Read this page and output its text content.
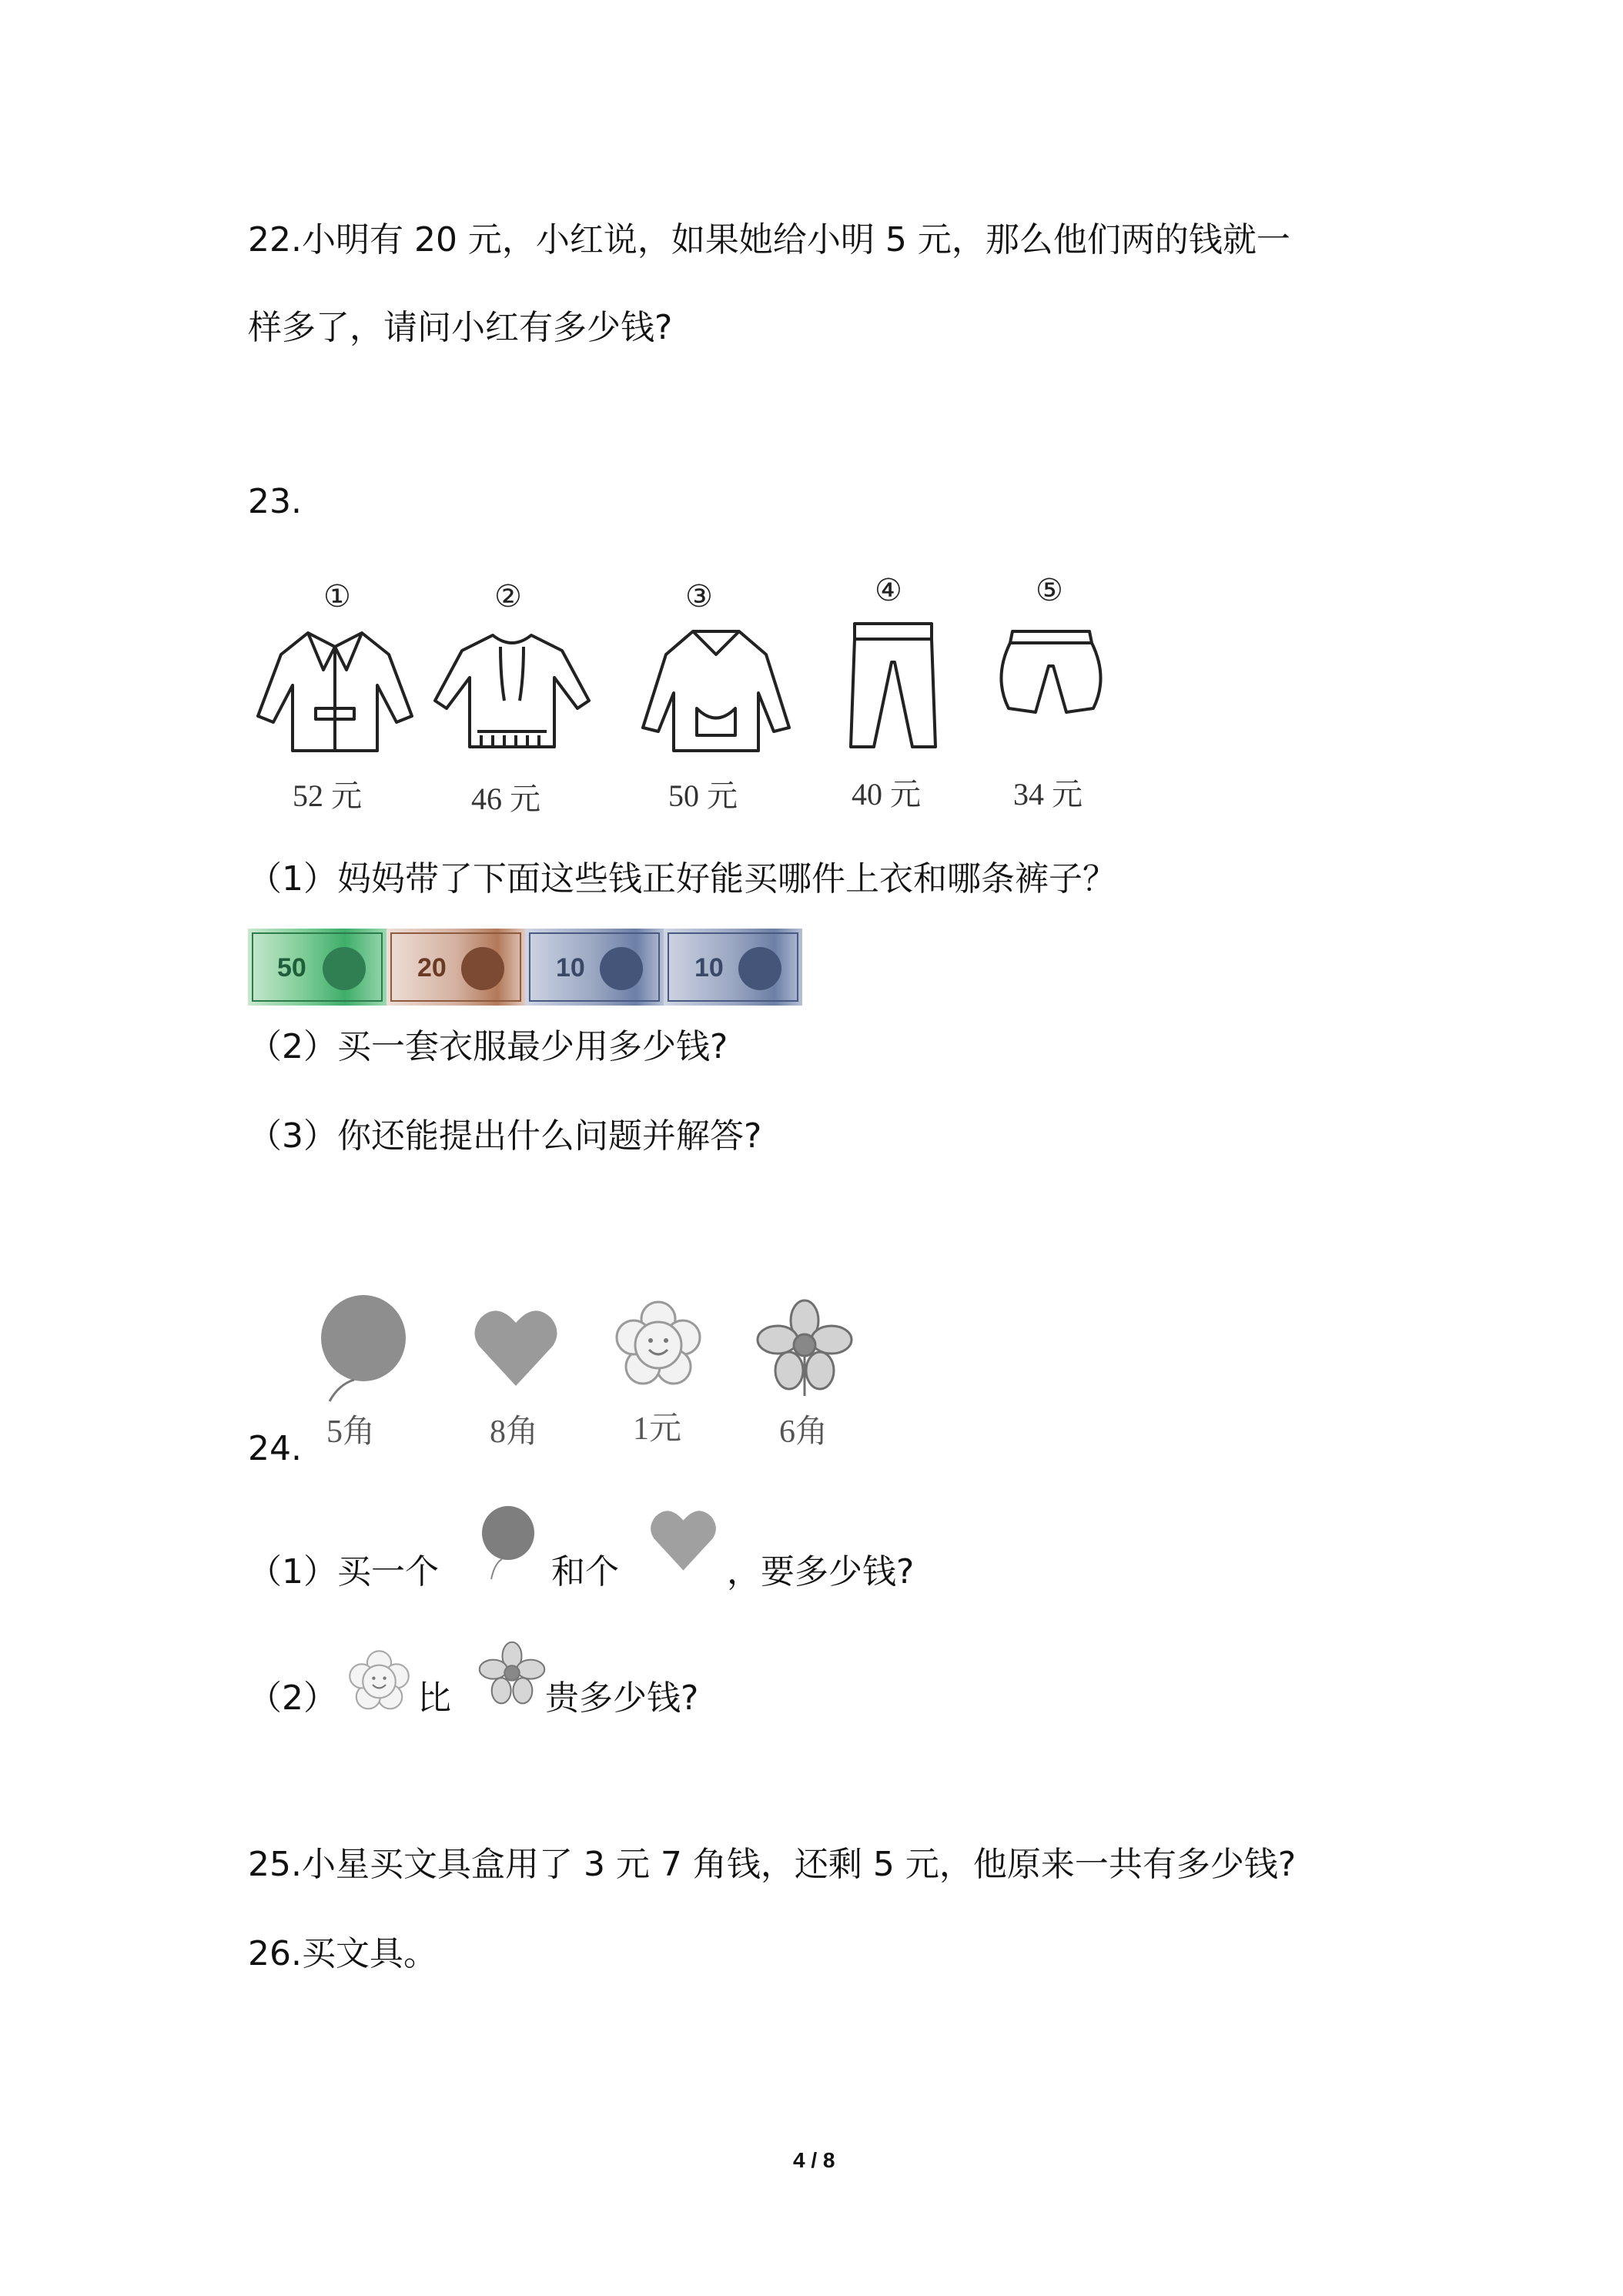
22.小明有 20 元，小红说，如果她给小明 5 元，那么他们两的钱就一
样多了，请问小红有多少钱?
23.
①	②	③	④	⑤
52 元	46 元	50 元	40 元	34 元
（1）妈妈带了下面这些钱正好能买哪件上衣和哪条裤子？
50	20	10	10
（2）买一套衣服最少用多少钱?
（3）你还能提出什么问题并解答?
5角	8角	1元	6角
24.
（1）买一个	和个	，要多少钱?
（2） 比	贵多少钱?
25.小星买文具盒用了 3 元 7 角钱，还剩 5 元，他原来一共有多少钱?
26.买文具。
4 / 8
